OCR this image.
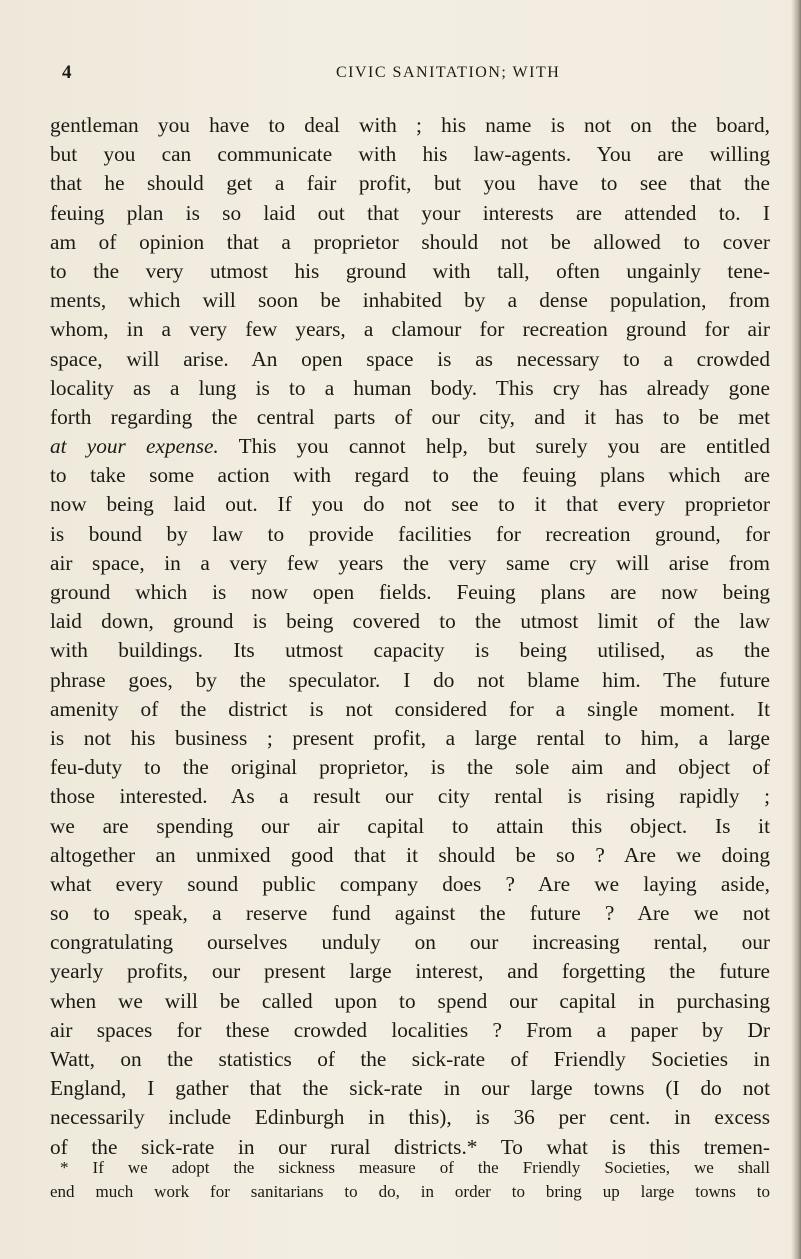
4	CIVIC SANITATION; WITH
gentleman you have to deal with ; his name is not on the board,
but you can communicate with his law-agents. You are willing
that he should get a fair profit, but you have to see that the
feuing plan is so laid out that your interests are attended to. I
am of opinion that a proprietor should not be allowed to cover
to the very utmost his ground with tall, often ungainly tene-
ments, which will soon be inhabited by a dense population, from
whom, in a very few years, a clamour for recreation ground for air
space, will arise. An open space is as necessary to a crowded
locality as a lung is to a human body. This cry has already gone
forth regarding the central parts of our city, and it has to be met
at your expense. This you cannot help, but surely you are entitled
to take some action with regard to the feuing plans which are
now being laid out. If you do not see to it that every proprietor
is bound by law to provide facilities for recreation ground, for
air space, in a very few years the very same cry will arise from
ground which is now open fields. Feuing plans are now being
laid down, ground is being covered to the utmost limit of the law
with buildings. Its utmost capacity is being utilised, as the
phrase goes, by the speculator. I do not blame him. The future
amenity of the district is not considered for a single moment. It
is not his business ; present profit, a large rental to him, a large
feu-duty to the original proprietor, is the sole aim and object of
those interested. As a result our city rental is rising rapidly ;
we are spending our air capital to attain this object. Is it
altogether an unmixed good that it should be so ? Are we doing
what every sound public company does ? Are we laying aside,
so to speak, a reserve fund against the future ? Are we not
congratulating ourselves unduly on our increasing rental, our
yearly profits, our present large interest, and forgetting the future
when we will be called upon to spend our capital in purchasing
air spaces for these crowded localities ? From a paper by Dr
Watt, on the statistics of the sick-rate of Friendly Societies in
England, I gather that the sick-rate in our large towns (I do not
necessarily include Edinburgh in this), is 36 per cent. in excess
of the sick-rate in our rural districts.* To what is this tremen-
* If we adopt the sickness measure of the Friendly Societies, we shall
end much work for sanitarians to do, in order to bring up large towns to
